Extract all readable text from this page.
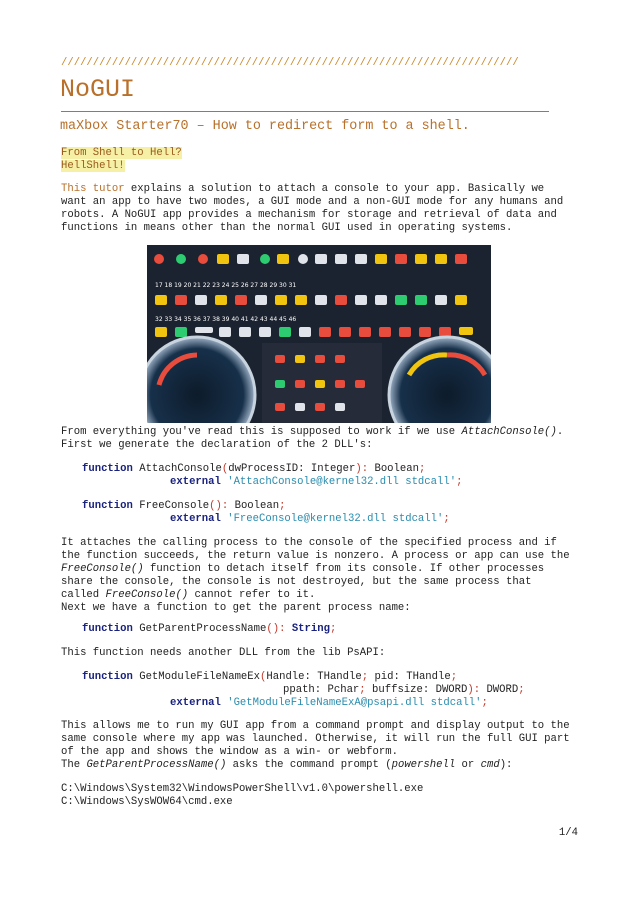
////////////////////////////////////////////////////////////////////////
NoGUI
maXbox Starter70 – How to redirect form to a shell.
From Shell to Hell?
HellShell!
This tutor explains a solution to attach a console to your app. Basically we
want an app to have two modes, a GUI mode and a non-GUI mode for any humans and
robots. A NoGUI app provides a mechanism for storage and retrieval of data and
functions in means other than the normal GUI used in operating systems.
17 18 19 20 21 22 23 24 25 26 27 28 29 30 31
32 33 34 35 36 37 38 39 40 41 42 43 44 45 46
From everything you've read this is supposed to work if we use AttachConsole().
First we generate the declaration of the 2 DLL's:
function AttachConsole(dwProcessID: Integer): Boolean;
external 'AttachConsole@kernel32.dll stdcall';
function FreeConsole(): Boolean;
external 'FreeConsole@kernel32.dll stdcall';
It attaches the calling process to the console of the specified process and if
the function succeeds, the return value is nonzero. A process or app can use the
FreeConsole() function to detach itself from its console. If other processes
share the console, the console is not destroyed, but the same process that
called FreeConsole() cannot refer to it.
Next we have a function to get the parent process name:
function GetParentProcessName(): String;
This function needs another DLL from the lib PsAPI:
function GetModuleFileNameEx(Handle: THandle; pid: THandle;
ppath: Pchar; buffsize: DWORD): DWORD;
external 'GetModuleFileNameExA@psapi.dll stdcall';
This allows me to run my GUI app from a command prompt and display output to the
same console where my app was launched. Otherwise, it will run the full GUI part
of the app and shows the window as a win- or webform.
The GetParentProcessName() asks the command prompt (powershell or cmd):
C:\Windows\System32\WindowsPowerShell\v1.0\powershell.exe
C:\Windows\SysWOW64\cmd.exe
1/4
